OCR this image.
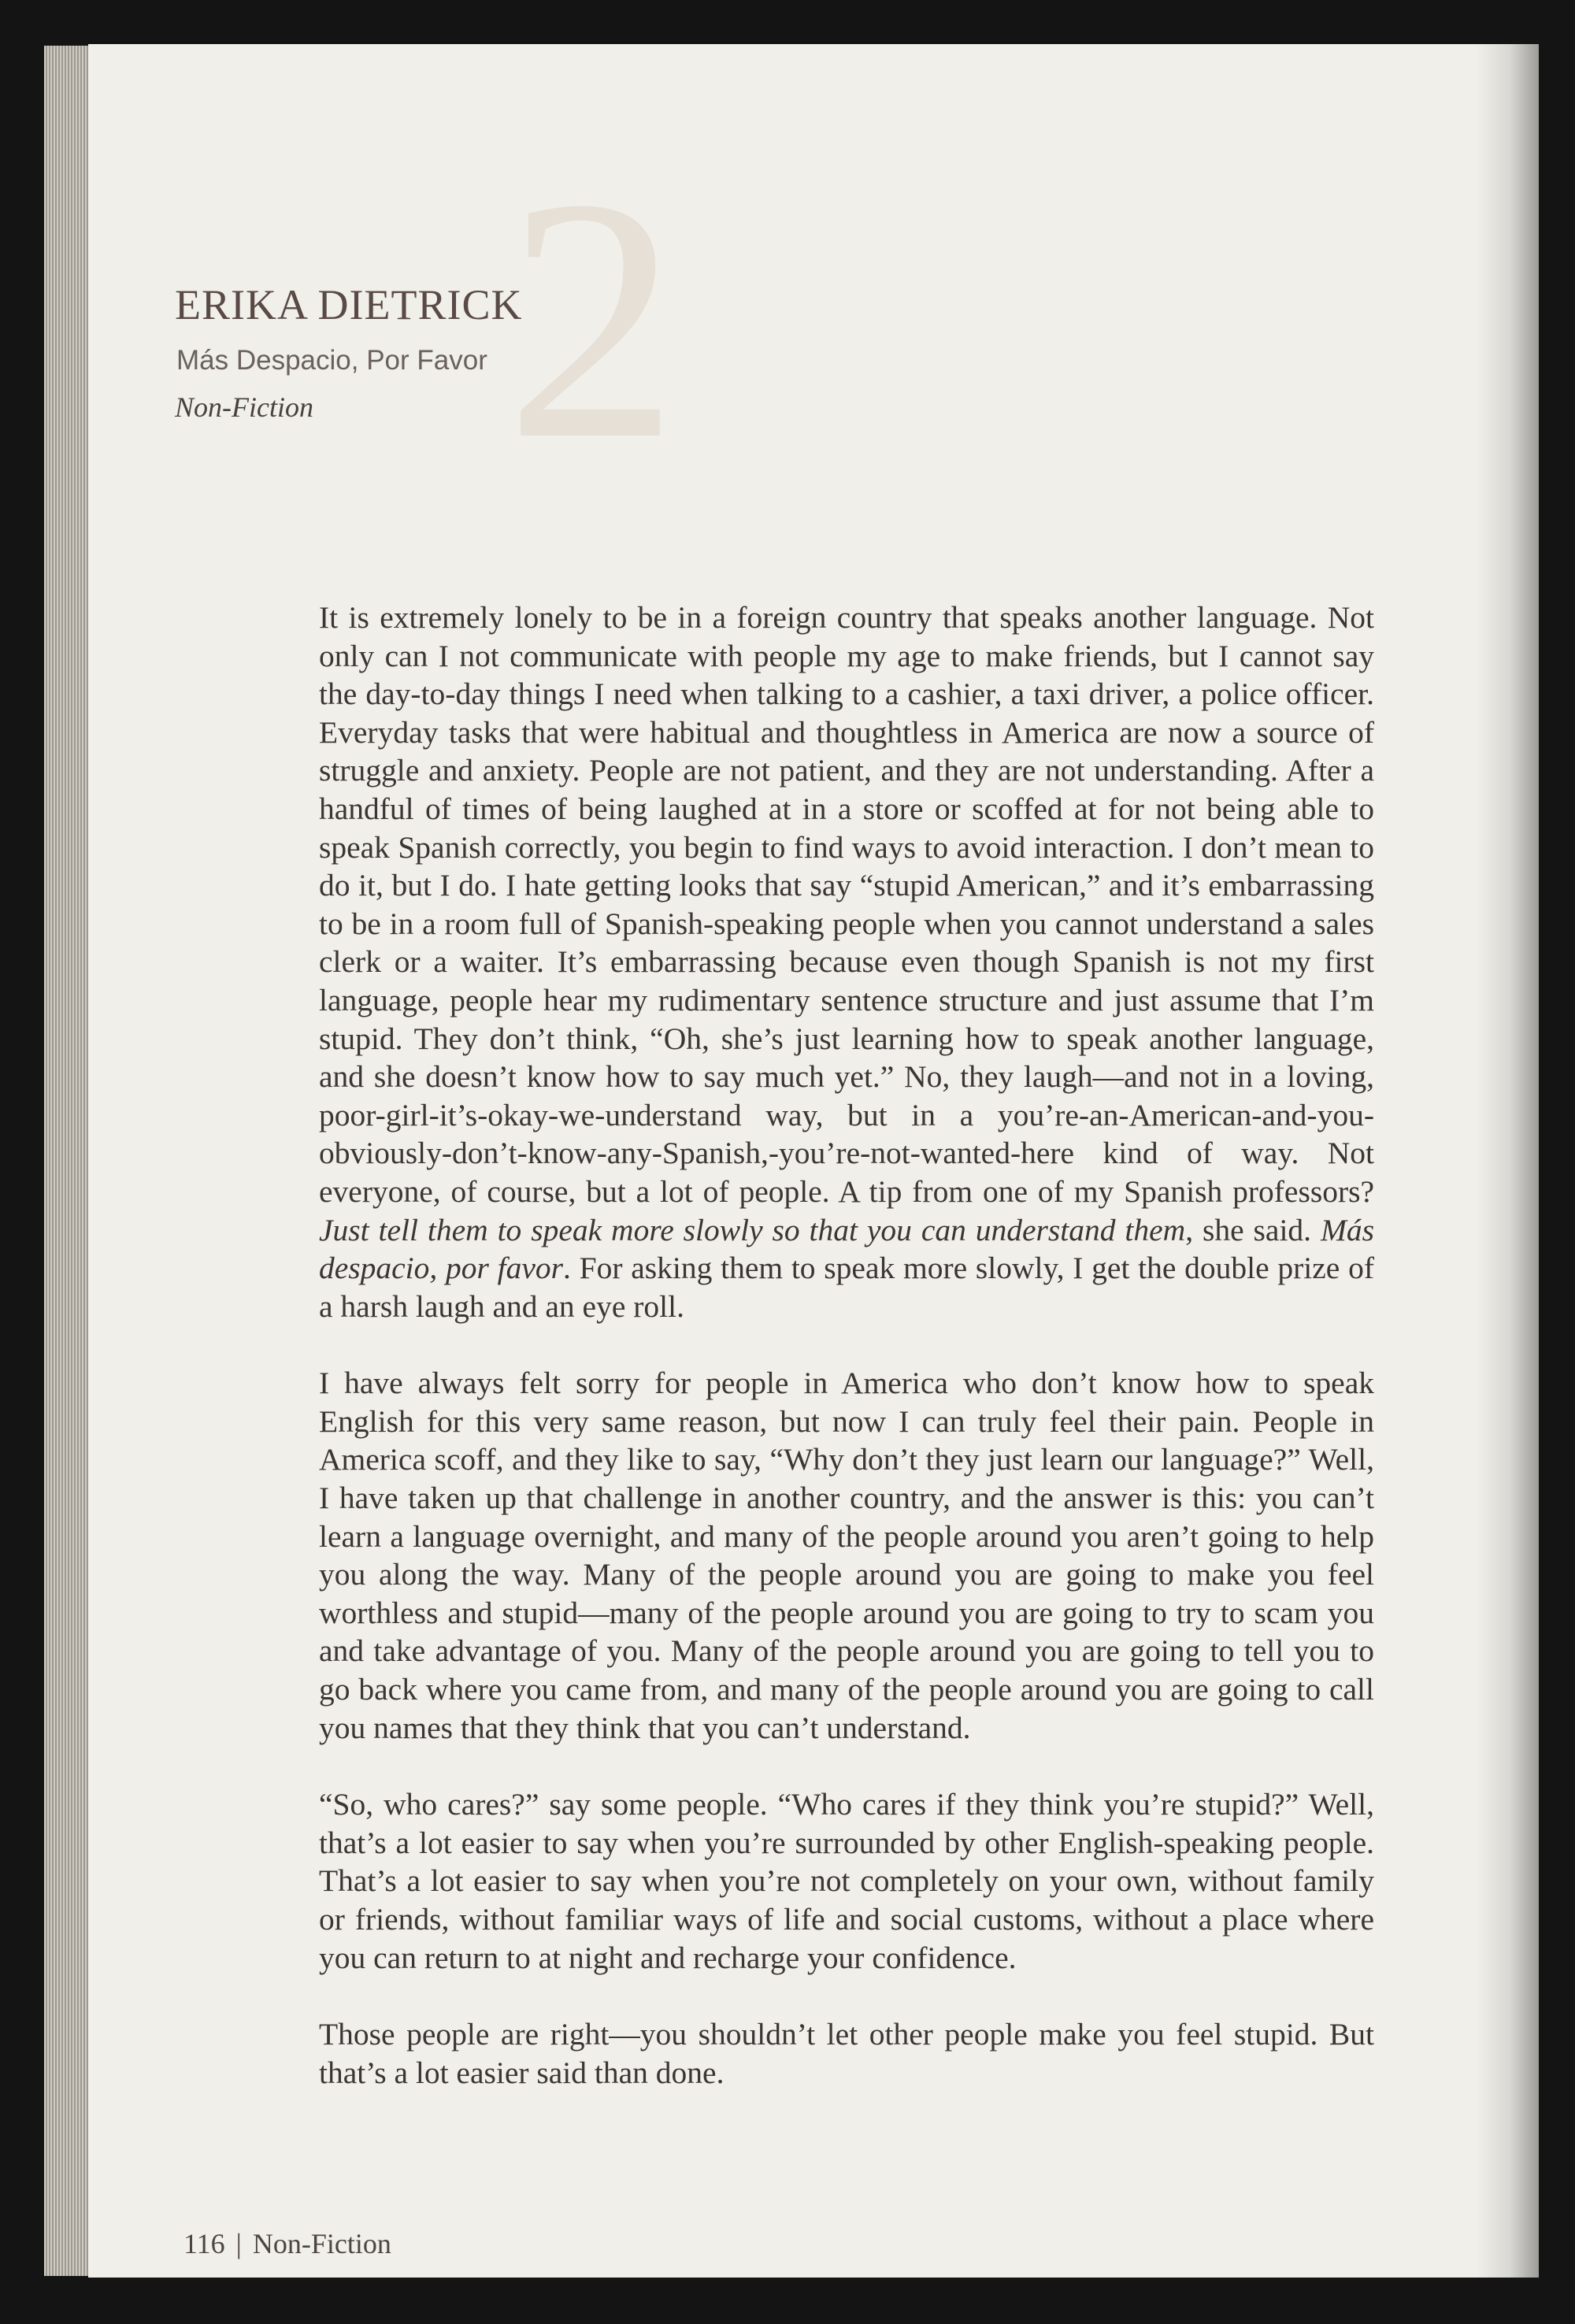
2
ERIKA DIETRICK
Más Despacio, Por Favor
Non-Fiction

It is extremely lonely to be in a foreign country that speaks another language. Not only can I not communicate with people my age to make friends, but I cannot say the day-to-day things I need when talking to a cashier, a taxi driver, a police officer. Everyday tasks that were habitual and thoughtless in America are now a source of struggle and anxiety. People are not patient, and they are not understanding. After a handful of times of being laughed at in a store or scoffed at for not being able to speak Spanish correctly, you begin to find ways to avoid interaction. I don’t mean to do it, but I do. I hate getting looks that say “stupid American,” and it’s embarrassing to be in a room full of Spanish-speaking people when you cannot understand a sales clerk or a waiter. It’s embarrassing because even though Spanish is not my first language, people hear my rudimentary sentence structure and just assume that I’m stupid. They don’t think, “Oh, she’s just learning how to speak another language, and she doesn’t know how to say much yet.” No, they laugh—and not in a loving, poor-girl-it’s-okay-we-understand way, but in a you’re-an-American-and-you-obviously-don’t-know-any-Spanish,-you’re-not-wanted-here kind of way. Not everyone, of course, but a lot of people. A tip from one of my Spanish professors? Just tell them to speak more slowly so that you can understand them, she said. Más despacio, por favor. For asking them to speak more slowly, I get the double prize of a harsh laugh and an eye roll.

I have always felt sorry for people in America who don’t know how to speak English for this very same reason, but now I can truly feel their pain. People in America scoff, and they like to say, “Why don’t they just learn our language?” Well, I have taken up that challenge in another country, and the answer is this: you can’t learn a language overnight, and many of the people around you aren’t going to help you along the way. Many of the people around you are going to make you feel worthless and stupid—many of the people around you are going to try to scam you and take advantage of you. Many of the people around you are going to tell you to go back where you came from, and many of the people around you are going to call you names that they think that you can’t understand.

“So, who cares?” say some people. “Who cares if they think you’re stupid?” Well, that’s a lot easier to say when you’re surrounded by other English-speaking people. That’s a lot easier to say when you’re not completely on your own, without family or friends, without familiar ways of life and social customs, without a place where you can return to at night and recharge your confidence.

Those people are right—you shouldn’t let other people make you feel stupid. But that’s a lot easier said than done.

116 | Non-Fiction
